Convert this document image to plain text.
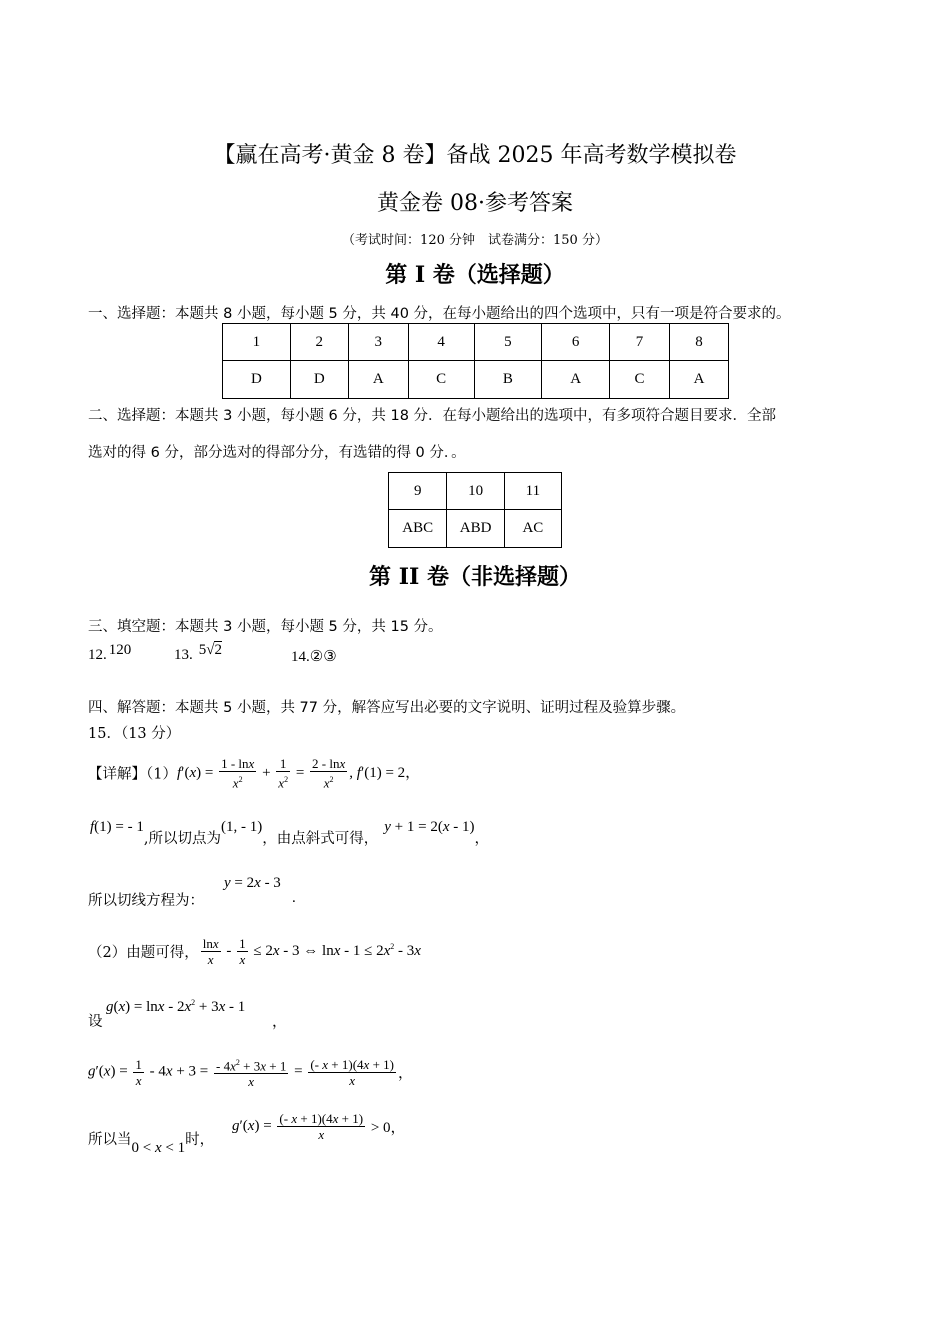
【赢在高考·黄金 8 卷】备战 2025 年高考数学模拟卷
黄金卷 08·参考答案
（考试时间：120 分钟　试卷满分：150 分）
第 I 卷（选择题）
一、选择题：本题共 8 小题，每小题 5 分，共 40 分，在每小题给出的四个选项中，只有一项是符合要求的。
1	2	3	4	5	6	7	8
D	D	A	C	B	A	C	A
二、选择题：本题共 3 小题，每小题 6 分，共 18 分．在每小题给出的选项中，有多项符合题目要求．全部
选对的得 6 分，部分选对的得部分分，有选错的得 0 分．。
9	10	11
ABC	ABD	AC
第 II 卷（非选择题）
三、填空题：本题共 3 小题，每小题 5 分，共 15 分。
12. 120	13. 5√2	14.②③
四、解答题：本题共 5 小题，共 77 分，解答应写出必要的文字说明、证明过程及验算步骤。
15．（13 分）
【详解】$(1)f'(x) = \frac{1 - \ln x}{x^2} + \frac{1}{x^2} = \frac{2 - \ln x}{x^2}$ , f′(1) = 2，
f(1) = - 1,所以切点为(1, - 1)，由点斜式可得，y + 1 = 2(x - 1)，
所以切线方程为：
y = 2x - 3
.
（2）由题可得， $\frac{\ln x}{x} - \frac{1}{x} \le 2x - 3$ ⇔ $\ln x - 1 \le 2x^2 - 3x$
设
$g(x) = \ln x - 2x^2 + 3x - 1$
，
$g'(x) = \frac{1}{x} - 4x + 3 = \frac{- 4x^2 + 3x + 1}{x} = \frac{(- x + 1)(4x + 1)}{x}$ ，
所以当0 < x < 1时，
$g'(x) = \frac{(- x + 1)(4x + 1)}{x} > 0$，
